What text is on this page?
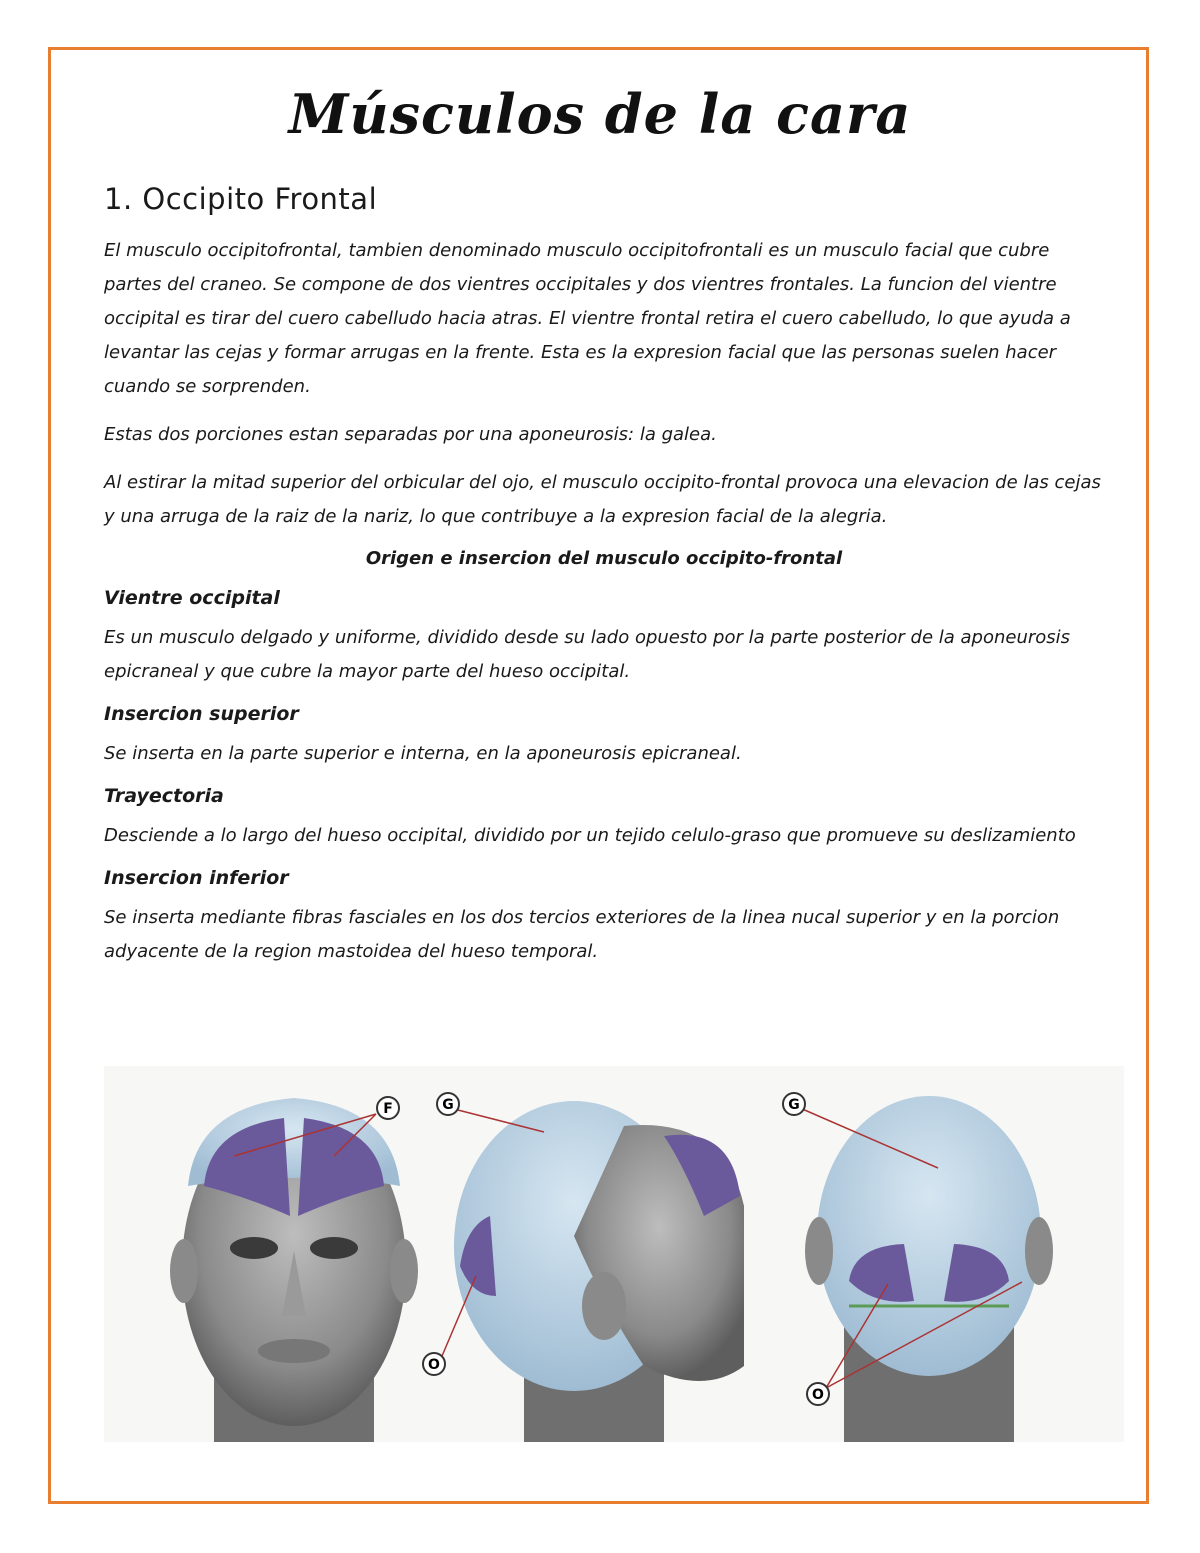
Músculos de la cara
1. Occipito Frontal

El musculo occipitofrontal, tambien denominado musculo occipitofrontali es un musculo facial que cubre partes del craneo. Se compone de dos vientres occipitales y dos vientres frontales. La funcion del vientre occipital es tirar del cuero cabelludo hacia atras. El vientre frontal retira el cuero cabelludo, lo que ayuda a levantar las cejas y formar arrugas en la frente. Esta es la expresion facial que las personas suelen hacer cuando se sorprenden.

Estas dos porciones estan separadas por una aponeurosis: la galea.

Al estirar la mitad superior del orbicular del ojo, el musculo occipito-frontal provoca una elevacion de las cejas y una arruga de la raiz de la nariz, lo que contribuye a la expresion facial de la alegria.

Origen e insercion del musculo occipito-frontal
Vientre occipital

Es un musculo delgado y uniforme, dividido desde su lado opuesto por la parte posterior de la aponeurosis epicraneal y que cubre la mayor parte del hueso occipital.

Insercion superior

Se inserta en la parte superior e interna, en la aponeurosis epicraneal.

Trayectoria

Desciende a lo largo del hueso occipital, dividido por un tejido celulo-graso que promueve su deslizamiento

Insercion inferior

Se inserta mediante fibras fasciales en los dos tercios exteriores de la linea nucal superior y en la porcion adyacente de la region mastoidea del hueso temporal.

F	G
O
G
O
